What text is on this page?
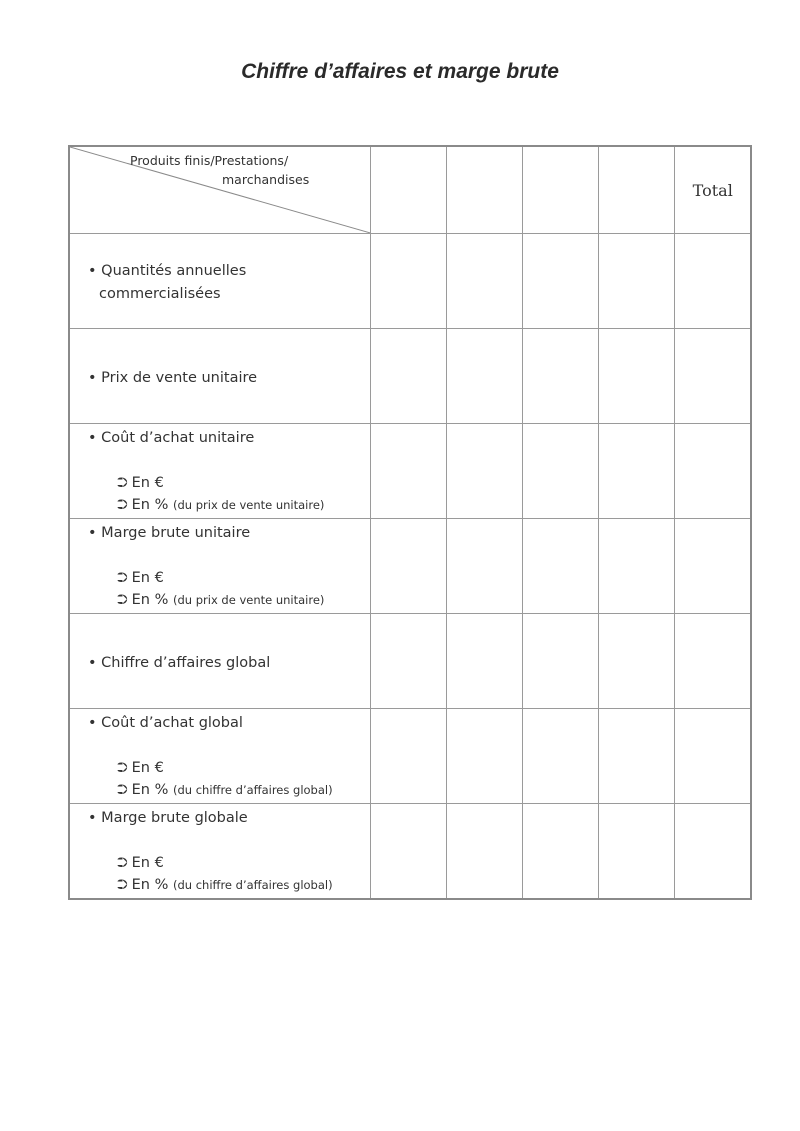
Chiffre d’affaires et marge brute
Produits finis/Prestations/
marchandises					Total

• Quantités annuelles
commercialisées					

• Prix de vente unitaire					

• Coût d’achat unitaire
⮊ En €
⮊ En % (du prix de vente unitaire)					

• Marge brute unitaire
⮊ En €
⮊ En % (du prix de vente unitaire)					

• Chiffre d’affaires global					

• Coût d’achat global
⮊ En €
⮊ En % (du chiffre d’affaires global)					

• Marge brute globale
⮊ En €
⮊ En % (du chiffre d’affaires global)					
